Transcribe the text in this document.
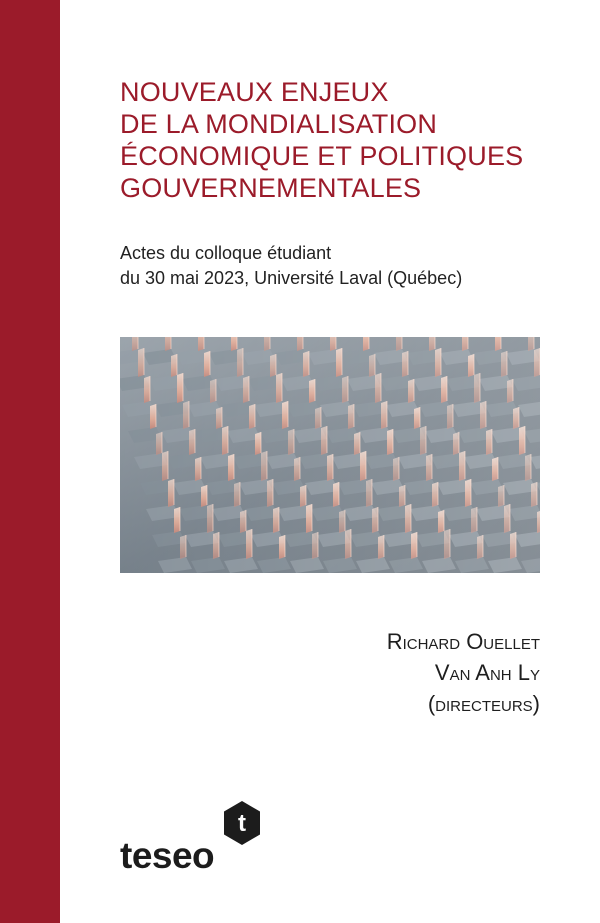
NOUVEAUX ENJEUX
DE LA MONDIALISATION
ÉCONOMIQUE ET POLITIQUES
GOUVERNEMENTALES

Actes du colloque étudiant
du 30 mai 2023, Université Laval (Québec)

Richard Ouellet
Van Anh Ly
(directeurs)
t
teseo
